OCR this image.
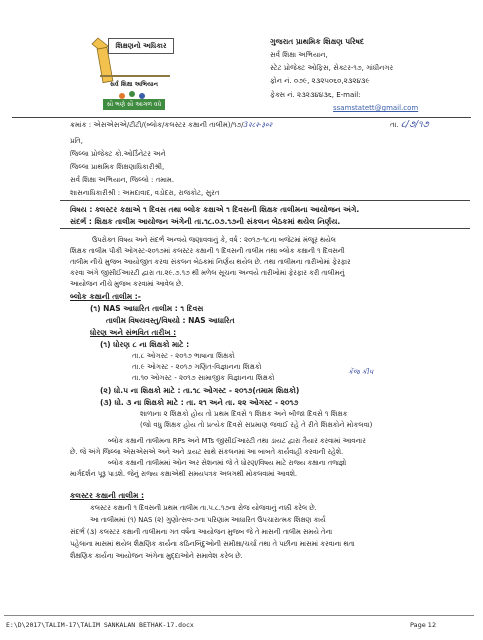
શિક્ષણનો અધિકાર
સર્વ શિક્ષા અભિયાન
સૌ ભણે સૌ આગળ વધે
ગુજરાત પ્રાથમિક શિક્ષણ પરિષદ
સર્વ શિક્ષા અભિયાન,
સ્ટેટ પ્રોજેક્ટ ઓફિસ, સેક્ટર-૧૭, ગાંધીનગર
ફોન નં. ૦૭૯, ૨૩૨૫૦૬૦,૨૩૨૪૩૯
ફેક્સ નં. ૨૩૨૩૪૪૩૬, E-mail:
ssamstatett@gmail.com
ક્રમાંક : એસએસએ/ટીટી/(બ્લોક/કલસ્ટર કક્ષાની તાલીમ)/૧૭/3२८२-३०२	તા. ૮/૭/૧૭
પ્રતિ,
જિલ્લા પ્રોજેક્ટ કો.ઓર્ડિનેટર અને
જિલ્લા પ્રાથમિક શિક્ષણાધિકારીશ્રી,
સર્વ શિક્ષા અભિયાન, જિલ્લો : તમામ.
શાસનાધિકારીશ્રી : અમદાવાદ, વડોદરા, રાજકોટ, સુરત
વિષય : ક્લસ્ટર કક્ષાએ ૧ દિવસ તથા બ્લોક કક્ષાએ ૧ દિવસની શિક્ષક તાલીમના આયોજન અંગે.
સંદર્ભ : શિક્ષક તાલીમ આયોજન અંગેની તા.૧૮.૦૭.૧૭ની સંકલન બેઠકમાં થયેલ નિર્ણય.
ઉપરોક્ત વિષય અને સંદર્ભ અન્વયે જણાવવાનું કે, વર્ષ : ૨૦૧૭-૧૮ના બજેટમાં મંજૂર થયેલ
શિક્ષક તાલીમ પીકી ઓગસ્ટ-૨૦૧૭માં કલસ્ટર કક્ષાની ૧ દિવસની તાલીમ તથા બ્લોક કક્ષાની ૧ દિવસની
તાલીમ નીચે મુજબ આયોજીત કરવા સંકલન બેઠકમાં નિર્ણય થયેલ છે. તથા તાલીમના તારીખોમાં ફેરફાર
કરવા અંગે જીસીઈઆરટી દ્વારા તા.૨૯.૭.૧૭ થી મળેલ સૂચના અન્વયે તારીખોમાં ફેરફાર કરી તાલીમનું
આયોજન નીચે મુજબ કરવામાં આવેલ છે.
બ્લોક કક્ષાની તાલીમ :-
(૧) NAS આધારિત તાલીમ : ૧ દિવસ
તાલીમ વિષયવસ્તુ/વિષયો : NAS આધારિત
ધોરણ અને સંભવિત તારીખ :
(૧) ધોરણ ૮ ના શિક્ષકો માટે :
તા.૮ ઓગસ્ટ - ૨૦૧૭ ભાષાના શિક્ષકો
તા.૯ ઓગસ્ટ - ૨૦૧૭ ગણિત-વિજ્ઞાનના શિક્ષકો
તા.૧૦ ઓગસ્ટ - ૨૦૧૭ સામાજીક વિજ્ઞાનના શિક્ષકો
કેંજ કીપ
(૨) ધો.૫ ના શિક્ષકો માટે : તા.૧૮ ઓગસ્ટ - ૨૦૧૭(તમામ શિક્ષકો)
(૩) ધો. ૩ ના શિક્ષકો માટે : તા. ૨૧ અને તા. ૨૨ ઓગસ્ટ - ૨૦૧૭
શાળાના ૨ શિક્ષકો હોય તો પ્રથમ દિવસે ૧ શિક્ષક અને બીજા દિવસે ૧ શિક્ષક
(જો વધુ શિક્ષક હોય તો પ્રત્યેક દિવસે સપ્રમાણ જવાઈ રહે તે રીતે શિક્ષકોને મોકલવા)
બ્લોક કક્ષાની તાલીમના RPs અને MTs જીસીઈઆરટી તથા ડાયટ દ્વારા તૈયાર કરવામાં આવનાર
છે. જે અંગે જિલ્લા એસએસએ અને અને ડાયટ સાથે સંકલનમાં આ બાબતે કાર્યવાહી કરવાની રહેશે.
બ્લોક કક્ષાની તાલીમમાં ઓન અર સેશનમાં જે તે ધોરણ/વિષય માટે રાજ્ય કક્ષાના તજ્જ્ઞો
માર્ગદર્શન પૂરૂ પાડશે. જેનું રાજ્ય કક્ષાએથી સમયપત્રક અલગથી મોકલવામાં આવશે.
કલસ્ટર કક્ષાની તાલીમ :
કલસ્ટર કક્ષાની ૧ દિવસની પ્રથમ તાલીમ તા.૫.૮.૧૭ના રોજ યોજવાનું નક્કી કરેલ છે.
આ તાલીમમાં (૧) NAS (૨) ગુણોત્સવ-૭ના પરિણામ આધારિત ઉપચારાત્મક શિક્ષણ કાર્ય
સંદર્ભ (૩) કલસ્ટર કક્ષાની તાલીમના ગત વર્ષના આયોજન મુજબ જે તે માસની તાલીમ સમયે તેના
પહેલાના માસમાં થયેલ શૈક્ષણિક કાર્યના કઠિનબિંદુઓની સમીક્ષા/ચર્ચા તથા તે પછીના માસમાં કરવાના થતા
શૈક્ષણિક કાર્યના આયોજન અંગેના મુદ્દાઓને સમાવેશ કરેલ છે.
E:\D\2017\TALIM-17\TALIM SANKALAN BETHAK-17.docx	Page 12
